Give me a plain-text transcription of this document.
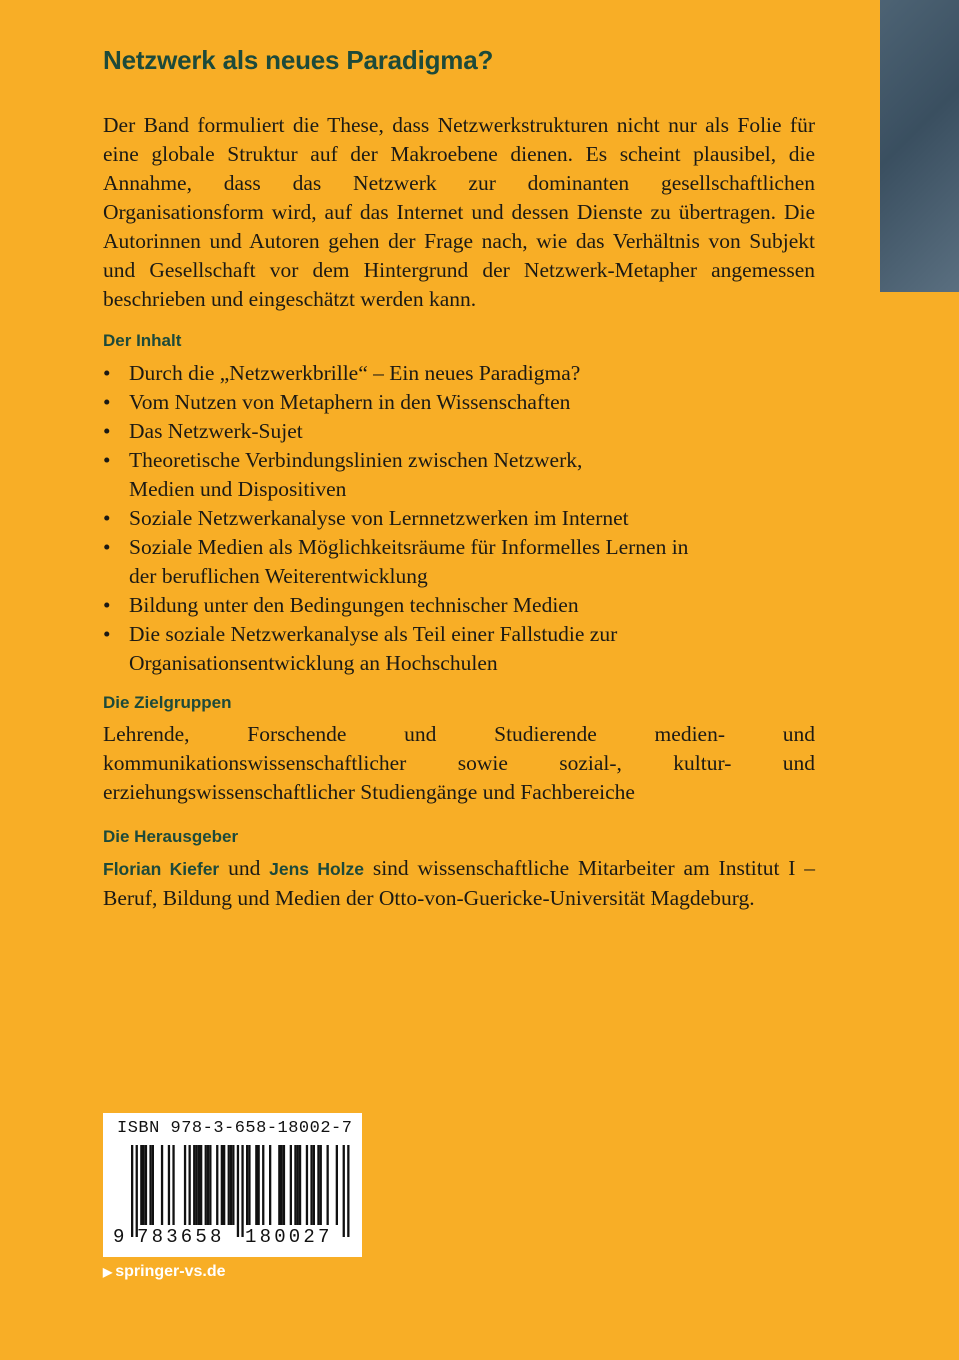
Netzwerk als neues Paradigma?

Der Band formuliert die These, dass Netzwerkstrukturen nicht nur als Folie für eine globale Struktur auf der Makroebene dienen. Es scheint plausibel, die Annahme, dass das Netzwerk zur dominanten gesellschaftlichen Organisationsform wird, auf das Internet und dessen Dienste zu übertragen. Die Autorinnen und Autoren gehen der Frage nach, wie das Verhältnis von Subjekt und Gesellschaft vor dem Hintergrund der Netzwerk-Metapher angemessen beschrieben und eingeschätzt werden kann.

Der Inhalt
• Durch die „Netzwerkbrille“ – Ein neues Paradigma?
• Vom Nutzen von Metaphern in den Wissenschaften
• Das Netzwerk-Sujet
• Theoretische Verbindungslinien zwischen Netzwerk, Medien und Dispositiven
• Soziale Netzwerkanalyse von Lernnetzwerken im Internet
• Soziale Medien als Möglichkeitsräume für Informelles Lernen in der beruflichen Weiterentwicklung
• Bildung unter den Bedingungen technischer Medien
• Die soziale Netzwerkanalyse als Teil einer Fallstudie zur Organisationsentwicklung an Hochschulen
Die Zielgruppen

Lehrende, Forschende und Studierende medien- und kommunikationswissenschaftlicher sowie sozial-, kultur- und erziehungswissenschaftlicher Studiengänge und Fachbereiche

Die Herausgeber

Florian Kiefer und Jens Holze sind wissenschaftliche Mitarbeiter am Institut I – Beruf, Bildung und Medien der Otto-von-Guericke-Universität Magdeburg.

ISBN 978-3-658-18002-7
9 783658 180027
▶ springer-vs.de
